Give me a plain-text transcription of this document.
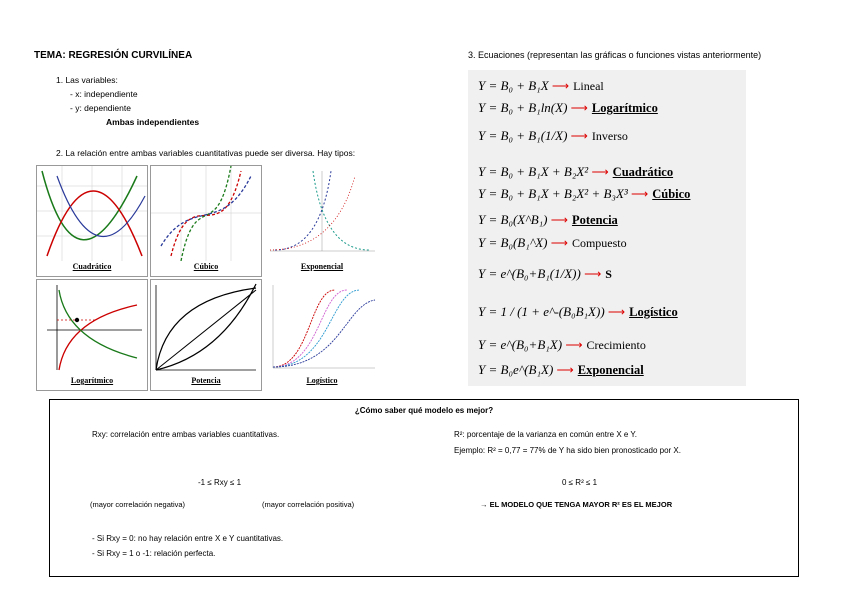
TEMA: REGRESIÓN CURVILÍNEA
1. Las variables:
- x: independiente
- y: dependiente
Ambas independientes
2. La relación entre ambas variables cuantitativas puede ser diversa. Hay tipos:
Cuadrático	Cúbico	Exponencial
Logarítmico	Potencia	Logístico
3. Ecuaciones (representan las gráficas o funciones vistas anteriormente)
Y = B₀ + B₁X ⟶ Lineal
Y = B₀ + B₁ln(X) ⟶ Logarítmico
Y = B₀ + B₁(1/X) ⟶ Inverso
Y = B₀ + B₁X + B₂X² ⟶ Cuadrático
Y = B₀ + B₁X + B₂X² + B₃X³ ⟶ Cúbico
Y = B₀(X^B₁) ⟶ Potencia
Y = B₀(B₁^X) ⟶ Compuesto
Y = e^(B₀+B₁(1/X)) ⟶ S
Y = 1 / (1 + e^-(B₀B₁X)) ⟶ Logístico
Y = e^(B₀+B₁X) ⟶ Crecimiento
Y = B₀e^(B₁X) ⟶ Exponencial
¿Cómo saber qué modelo es mejor?
Rxy: correlación entre ambas variables cuantitativas.	R²: porcentaje de la varianza en común entre X e Y.
Ejemplo: R² = 0,77 = 77% de Y ha sido bien pronosticado por X.
-1 ≤ Rxy ≤ 1	0 ≤ R² ≤ 1
(mayor correlación negativa)	(mayor correlación positiva)	→ EL MODELO QUE TENGA MAYOR R² ES EL MEJOR
- Si Rxy = 0: no hay relación entre X e Y cuantitativas.
- Si Rxy = 1 o -1: relación perfecta.
